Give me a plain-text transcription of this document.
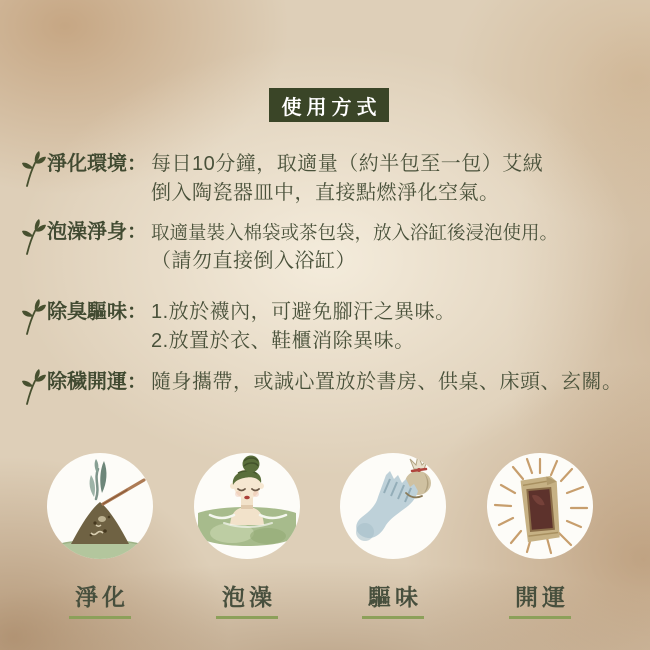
使用方式
淨化環境： 每日10分鐘，取適量（約半包至一包）艾絨
倒入陶瓷器皿中，直接點燃淨化空氣。
泡澡淨身： 取適量裝入棉袋或茶包袋，放入浴缸後浸泡使用。
（請勿直接倒入浴缸）
除臭驅味： 1.放於襪內，可避免腳汗之異味。
2.放置於衣、鞋櫃消除異味。
除穢開運： 隨身攜帶，或誠心置放於書房、供桌、床頭、玄關。
淨化	泡澡	驅味	開運
